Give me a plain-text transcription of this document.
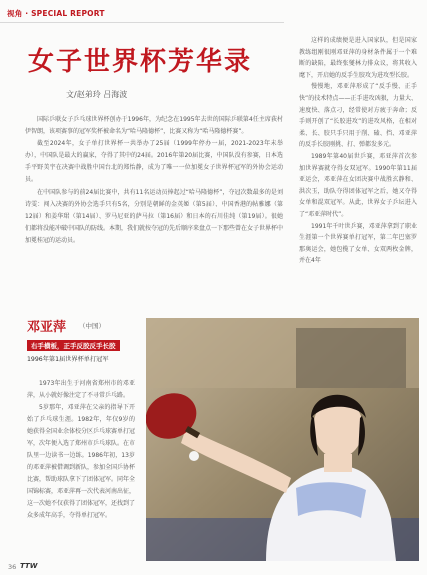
视角 · SPECIAL REPORT
女子世界杯芳华录
文/赵弟玲 吕海波

国际乒联女子乒乓球世界杯创办于1996年，为纪念在1995年去世的国际乒联第4任主席荻村伊智朗，该项赛事的冠军奖杯被命名为“哈马隆德杯”，比赛又称为“哈马隆德杯赛”。

截至2024年，女子单打世界杯一共举办了25届（1999年停办一届，2021-2023年未举办），中国队是最大的赢家，夺得了其中的24届。2016年第20届比赛，中国队没有参赛，日本选手平野美宇在决赛中战胜中国台北的郑怡静，成为了唯一一位加冕女子世界杯冠军的外协会运动员。

在中国队参与的前24届比赛中，共有11名运动员捧起过“哈马隆德杯”，夺冠次数最多的是刘诗雯：闯入决赛的外协会选手只有5名，分别是朝鲜的金英姬（第5届）、中国香港的帖雅娜（第12届）和姜华珺（第14届）、罗马尼亚的萨马拉（第16届）和日本的石川佳纯（第19届）。很她们都将没能冲破中国队的防线。本期，我们就按夺冠的先后顺序来盘点一下那些曾在女子世界杯中加冕桂冠的运动员。

这样的成绩便是进入国家队，但是国家教练组刚很刚邓亚萍的身材条件属于一个难断的缺陷，最终张燮林力排众议，将其收入麾下，开启她的反手生胶攻为进攻型长胶。

慢慢地，邓亚萍形成了“反手慢、正手快”的技术特点——正手进攻凶狠，力量大、速度快、落点刁，经常使对方疲于奔命；反手则开创了“长胶进攻”的进攻风格，在相对柔、长、胶只手只用于削、磕、挡、邓亚萍的反手长胶刚挑、打、弹都发多元。

1989年第40届世乒赛，邓亚萍首次参加世界赛就夺得女双冠军。1990年第11届亚运会，邓亚萍在女团决赛中战胜玄静和、洪次玉，助队夺得团体冠军之后，她又夺得女单和混双冠军。从此，世界女子乒坛进入了“邓亚萍时代”。

1991年千叶世乒赛，邓亚萍拿到了职业生涯第一个世界赛单打冠军，第二年巴塞罗那奥运会，她包揽了女单、女双两枚金牌，并在4年

邓亚萍 （中国）
右手横板，正手反胶反手长胶
1996年第1届世界杯单打冠军

1973年出生于河南省郑州市的邓亚萍，从小就好像注定了不寻常乒乓路。

5岁那年，邓亚萍在父亲的指导下开始了乒乓球生涯。1982年，年仅9岁的她获得全国业余体校分区乒乓球赛单打冠军，次年便入选了郑州市乒乓球队。在市队里一边读书一边练。1986年初，13岁的邓亚萍被借调到新队，参加全国乒协杯比赛，帮助球队拿下了团体冠军。同年全国锦标赛，邓亚萍再一次代表河南出征，这一次她不仅获得了团体冠军，还找到了众多成年高手，夺得单打冠军。

36 TTW
